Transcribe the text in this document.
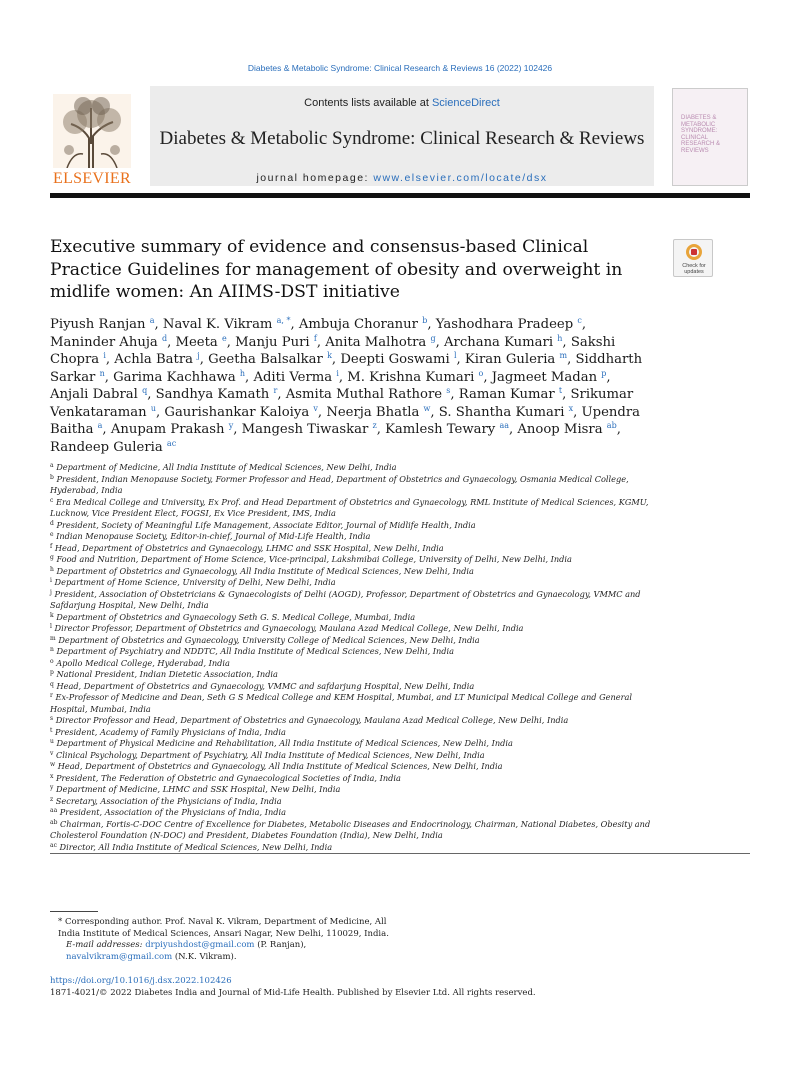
Diabetes & Metabolic Syndrome: Clinical Research & Reviews 16 (2022) 102426
ELSEVIER
Contents lists available at ScienceDirect
Diabetes & Metabolic Syndrome: Clinical Research & Reviews
journal homepage: www.elsevier.com/locate/dsx
DIABETES & METABOLIC SYNDROME: CLINICAL RESEARCH & REVIEWS
Executive summary of evidence and consensus-based Clinical Practice Guidelines for management of obesity and overweight in midlife women: An AIIMS-DST initiative
Check for
updates
Piyush Ranjan $^a$, Naval K. Vikram $^{a, *}$, Ambuja Choranur $^b$, Yashodhara Pradeep $^c$, Maninder Ahuja $^d$, Meeta $^e$, Manju Puri $^f$, Anita Malhotra $^g$, Archana Kumari $^h$, Sakshi Chopra $^i$, Achla Batra $^j$, Geetha Balsalkar $^k$, Deepti Goswami $^l$, Kiran Guleria $^m$, Siddharth Sarkar $^n$, Garima Kachhawa $^h$, Aditi Verma $^i$, M. Krishna Kumari $^o$, Jagmeet Madan $^p$, Anjali Dabral $^q$, Sandhya Kamath $^r$, Asmita Muthal Rathore $^s$, Raman Kumar $^t$, Srikumar Venkataraman $^u$, Gaurishankar Kaloiya $^v$, Neerja Bhatla $^w$, S. Shantha Kumari $^x$, Upendra Baitha $^a$, Anupam Prakash $^y$, Mangesh Tiwaskar $^z$, Kamlesh Tewary $^{aa}$, Anoop Misra $^{ab}$, Randeep Guleria $^{ac}$
$^a$ Department of Medicine, All India Institute of Medical Sciences, New Delhi, India
$^b$ President, Indian Menopause Society, Former Professor and Head, Department of Obstetrics and Gynaecology, Osmania Medical College, Hyderabad, India
$^c$ Era Medical College and University, Ex Prof. and Head Department of Obstetrics and Gynaecology, RML Institute of Medical Sciences, KGMU, Lucknow, Vice President Elect, FOGSI, Ex Vice President, IMS, India
$^d$ President, Society of Meaningful Life Management, Associate Editor, Journal of Midlife Health, India
$^e$ Indian Menopause Society, Editor-in-chief, Journal of Mid-Life Health, India
$^f$ Head, Department of Obstetrics and Gynaecology, LHMC and SSK Hospital, New Delhi, India
$^g$ Food and Nutrition, Department of Home Science, Vice-principal, Lakshmibai College, University of Delhi, New Delhi, India
$^h$ Department of Obstetrics and Gynaecology, All India Institute of Medical Sciences, New Delhi, India
$^i$ Department of Home Science, University of Delhi, New Delhi, India
$^j$ President, Association of Obstetricians & Gynaecologists of Delhi (AOGD), Professor, Department of Obstetrics and Gynaecology, VMMC and Safdarjung Hospital, New Delhi, India
$^k$ Department of Obstetrics and Gynaecology Seth G. S. Medical College, Mumbai, India
$^l$ Director Professor, Department of Obstetrics and Gynaecology, Maulana Azad Medical College, New Delhi, India
$^m$ Department of Obstetrics and Gynaecology, University College of Medical Sciences, New Delhi, India
$^n$ Department of Psychiatry and NDDTC, All India Institute of Medical Sciences, New Delhi, India
$^o$ Apollo Medical College, Hyderabad, India
$^p$ National President, Indian Dietetic Association, India
$^q$ Head, Department of Obstetrics and Gynaecology, VMMC and safdarjung Hospital, New Delhi, India
$^r$ Ex-Professor of Medicine and Dean, Seth G S Medical College and KEM Hospital, Mumbai, and LT Municipal Medical College and General Hospital, Mumbai, India
$^s$ Director Professor and Head, Department of Obstetrics and Gynaecology, Maulana Azad Medical College, New Delhi, India
$^t$ President, Academy of Family Physicians of India, India
$^u$ Department of Physical Medicine and Rehabilitation, All India Institute of Medical Sciences, New Delhi, India
$^v$ Clinical Psychology, Department of Psychiatry, All India Institute of Medical Sciences, New Delhi, India
$^w$ Head, Department of Obstetrics and Gynaecology, All India Institute of Medical Sciences, New Delhi, India
$^x$ President, The Federation of Obstetric and Gynaecological Societies of India, India
$^y$ Department of Medicine, LHMC and SSK Hospital, New Delhi, India
$^z$ Secretary, Association of the Physicians of India, India
$^{aa}$ President, Association of the Physicians of India, India
$^{ab}$ Chairman, Fortis-C-DOC Centre of Excellence for Diabetes, Metabolic Diseases and Endocrinology, Chairman, National Diabetes, Obesity and Cholesterol Foundation (N-DOC) and President, Diabetes Foundation (India), New Delhi, India
$^{ac}$ Director, All India Institute of Medical Sciences, New Delhi, India
* Corresponding author. Prof. Naval K. Vikram, Department of Medicine, All India Institute of Medical Sciences, Ansari Nagar, New Delhi, 110029, India.
E-mail addresses: drpiyushdost@gmail.com (P. Ranjan), navalvikram@gmail.com (N.K. Vikram).
https://doi.org/10.1016/j.dsx.2022.102426
1871-4021/© 2022 Diabetes India and Journal of Mid-Life Health. Published by Elsevier Ltd. All rights reserved.
